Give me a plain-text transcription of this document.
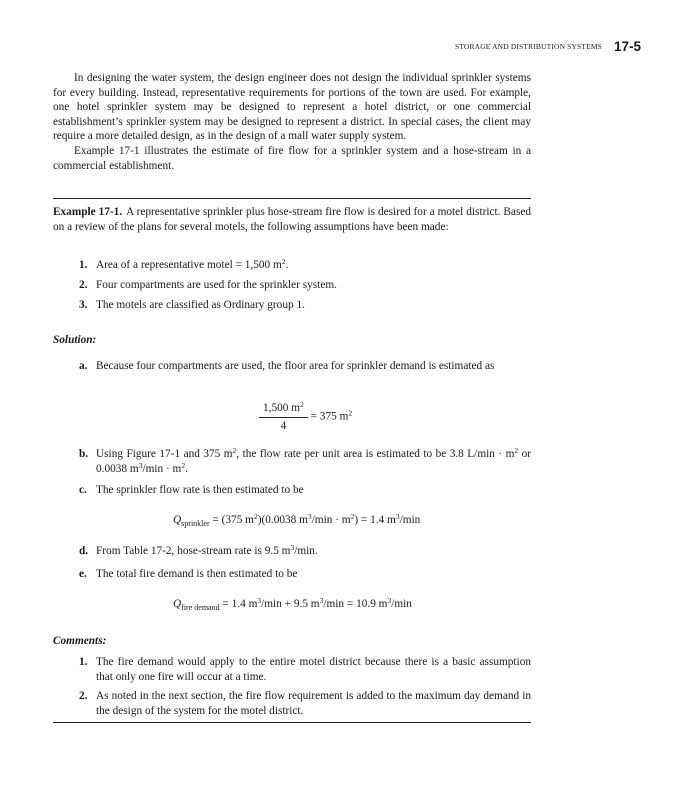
STORAGE AND DISTRIBUTION SYSTEMS 17-5

In designing the water system, the design engineer does not design the individual sprinkler systems for every building. Instead, representative requirements for portions of the town are used. For example, one hotel sprinkler system may be designed to represent a hotel district, or one commercial establishment’s sprinkler system may be designed to represent a district. In special cases, the client may require a more detailed design, as in the design of a mall water supply system.

Example 17-1 illustrates the estimate of fire flow for a sprinkler system and a hose-stream in a commercial establishment.

Example 17-1. A representative sprinkler plus hose-stream fire flow is desired for a motel district. Based on a review of the plans for several motels, the following assumptions have been made:

1. Area of a representative motel = 1,500 $m^2$.
2. Four compartments are used for the sprinkler system.
3. The motels are classified as Ordinary group 1.
Solution:
a. Because four compartments are used, the floor area for sprinkler demand is estimated as
$\frac{1,500 m^2}{4} = 375$ $m^2$
b. Using Figure 17-1 and 375 $m^2$, the flow rate per unit area is estimated to be 3.8 $L/\min \cdot m^2$ or 0.0038 $m^3/\min \cdot m^2$.
c. The sprinkler flow rate is then estimated to be
$Q_{sprinkler} = (375$ $m^2)(0.0038$ $m^3/\min \cdot m^2) = 1.4$ $m^3/\min$
d. From Table 17-2, hose-stream rate is 9.5 $m^3/\min$.
e. The total fire demand is then estimated to be
$Q_{fire demand} = 1.4$ $m^3/\min + 9.5$ $m^3/\min = 10.9$ $m^3/\min$
Comments:
1. The fire demand would apply to the entire motel district because there is a basic assumption that only one fire will occur at a time.
2. As noted in the next section, the fire flow requirement is added to the maximum day demand in the design of the system for the motel district.
